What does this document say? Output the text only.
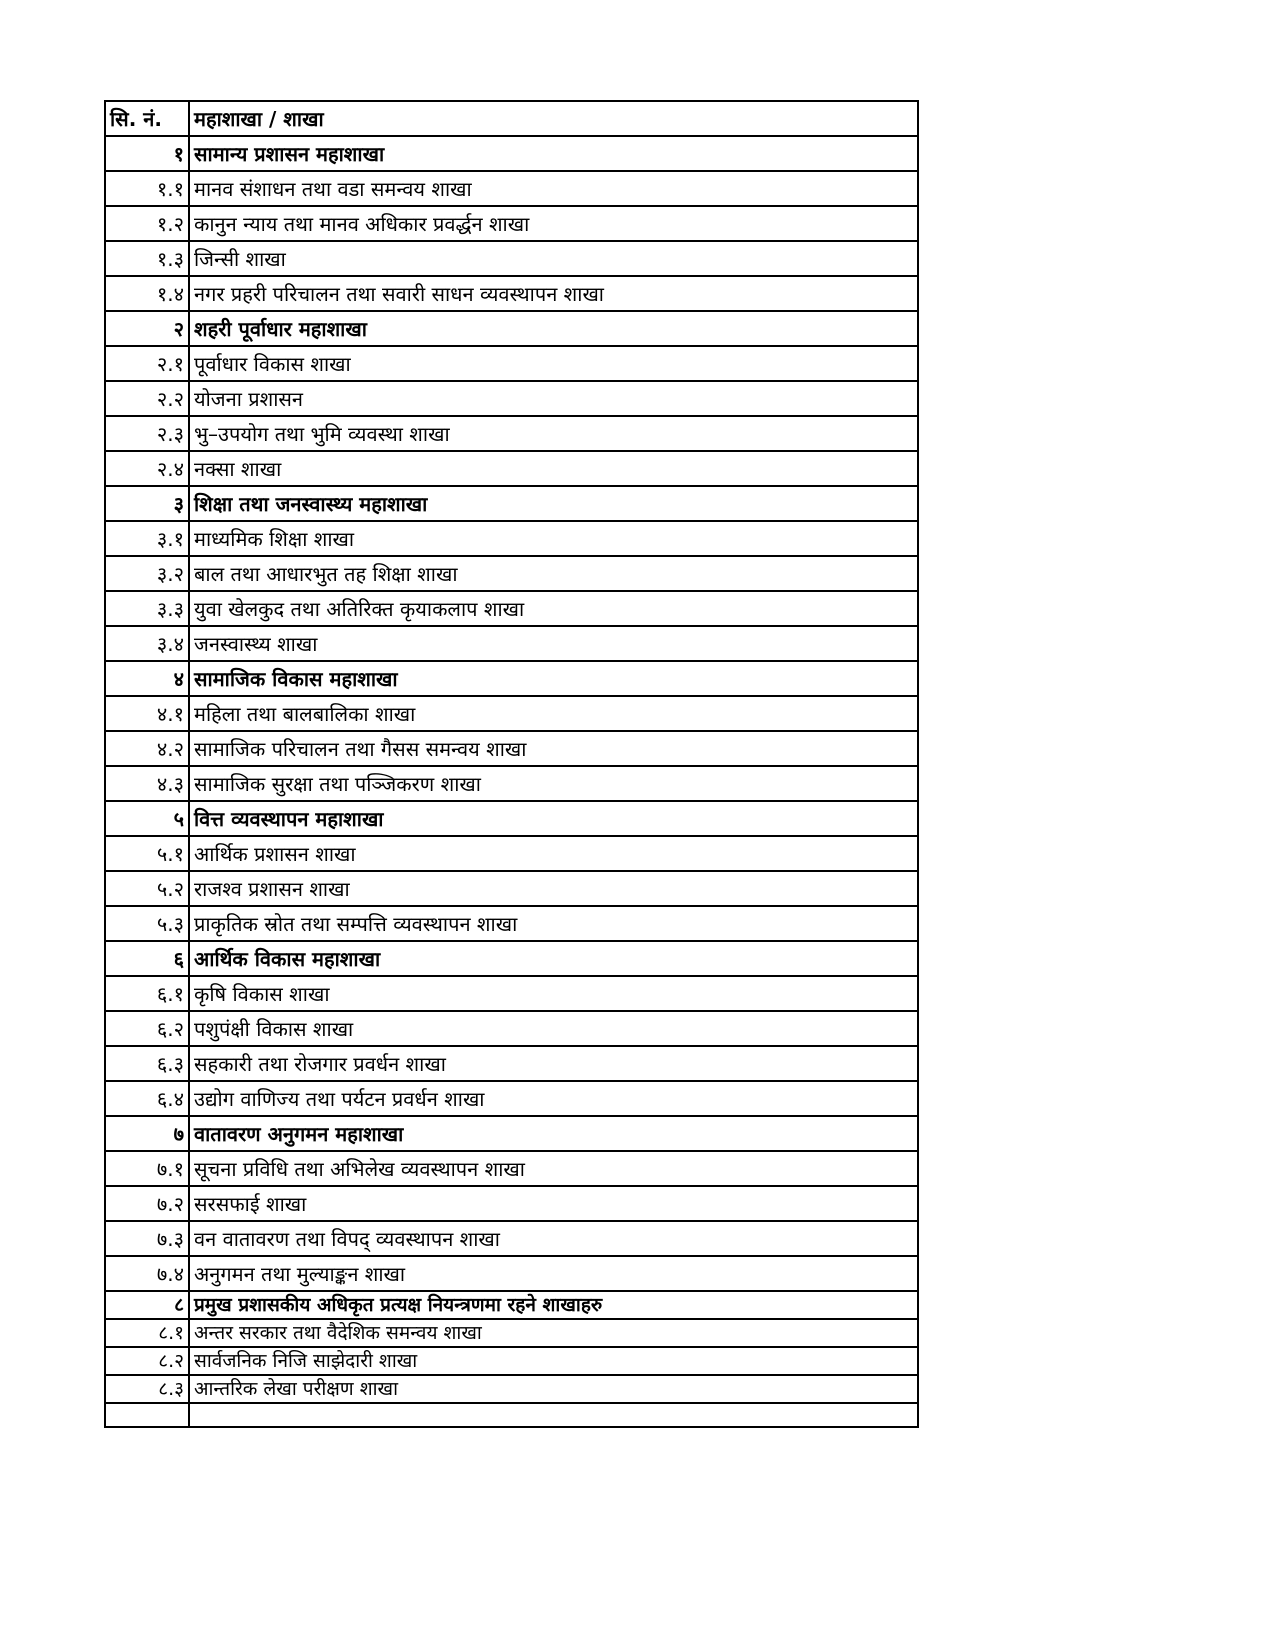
सि. नं.	महाशाखा / शाखा
१	सामान्य प्रशासन महाशाखा
१.१	मानव संशाधन तथा वडा समन्वय शाखा
१.२	कानुन न्याय तथा मानव अधिकार प्रवर्द्धन शाखा
१.३	जिन्सी शाखा
१.४	नगर प्रहरी परिचालन तथा सवारी साधन व्यवस्थापन शाखा
२	शहरी पूर्वाधार महाशाखा
२.१	पूर्वाधार विकास शाखा
२.२	योजना प्रशासन
२.३	भु–उपयोग तथा भुमि व्यवस्था शाखा
२.४	नक्सा शाखा
३	शिक्षा तथा जनस्वास्थ्य महाशाखा
३.१	माध्यमिक शिक्षा शाखा
३.२	बाल तथा आधारभुत तह शिक्षा शाखा
३.३	युवा खेलकुद तथा अतिरिक्त कृयाकलाप शाखा
३.४	जनस्वास्थ्य शाखा
४	सामाजिक विकास महाशाखा
४.१	महिला तथा बालबालिका शाखा
४.२	सामाजिक परिचालन तथा गैसस समन्वय शाखा
४.३	सामाजिक सुरक्षा तथा पञ्जिकरण शाखा
५	वित्त व्यवस्थापन महाशाखा
५.१	आर्थिक प्रशासन शाखा
५.२	राजश्व प्रशासन शाखा
५.३	प्राकृतिक स्रोत तथा सम्पत्ति व्यवस्थापन शाखा
६	आर्थिक विकास महाशाखा
६.१	कृषि विकास शाखा
६.२	पशुपंक्षी विकास शाखा
६.३	सहकारी तथा रोजगार प्रवर्धन शाखा
६.४	उद्योग वाणिज्य तथा पर्यटन प्रवर्धन शाखा
७	वातावरण अनुगमन महाशाखा
७.१	सूचना प्रविधि तथा अभिलेख व्यवस्थापन शाखा
७.२	सरसफाई शाखा
७.३	वन वातावरण तथा विपद् व्यवस्थापन शाखा
७.४	अनुगमन तथा मुल्याङ्कन शाखा
८	प्रमुख प्रशासकीय अधिकृत प्रत्यक्ष नियन्त्रणमा रहने शाखाहरु
८.१	अन्तर सरकार तथा वैदेशिक समन्वय शाखा
८.२	सार्वजनिक निजि साझेदारी शाखा
८.३	आन्तरिक लेखा परीक्षण शाखा
